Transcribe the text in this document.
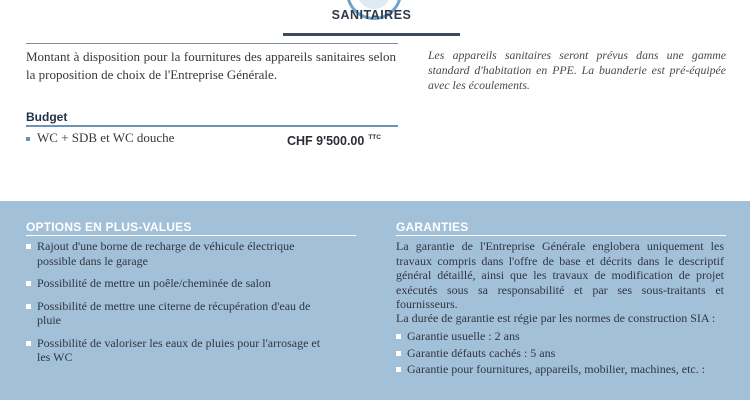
SANITAIRES
Montant à disposition pour la fournitures des appareils sanitaires selon la proposition de choix de l'Entreprise Générale.
Les appareils sanitaires seront prévus dans une gamme standard d'habitation en PPE. La buanderie est pré-équipée avec les écoulements.
Budget
WC + SDB et WC douche	CHF 9'500.00 $^{TTC}$
OPTIONS EN PLUS-VALUES
Rajout d'une borne de recharge de véhicule électrique possible dans le garage
Possibilité de mettre un poêle/cheminée de salon
Possibilité de mettre une citerne de récupération d'eau de pluie
Possibilité de valoriser les eaux de pluies pour l'arrosage et les WC
GARANTIES
La garantie de l'Entreprise Générale englobera uniquement les travaux compris dans l'offre de base et décrits dans le descriptif général détaillé, ainsi que les travaux de modification de projet exécutés sous sa responsabilité et par ses sous-traitants et fournisseurs.
La durée de garantie est régie par les normes de construction SIA :
Garantie usuelle : 2 ans
Garantie défauts cachés : 5 ans
Garantie pour fournitures, appareils, mobilier, machines, etc. :
